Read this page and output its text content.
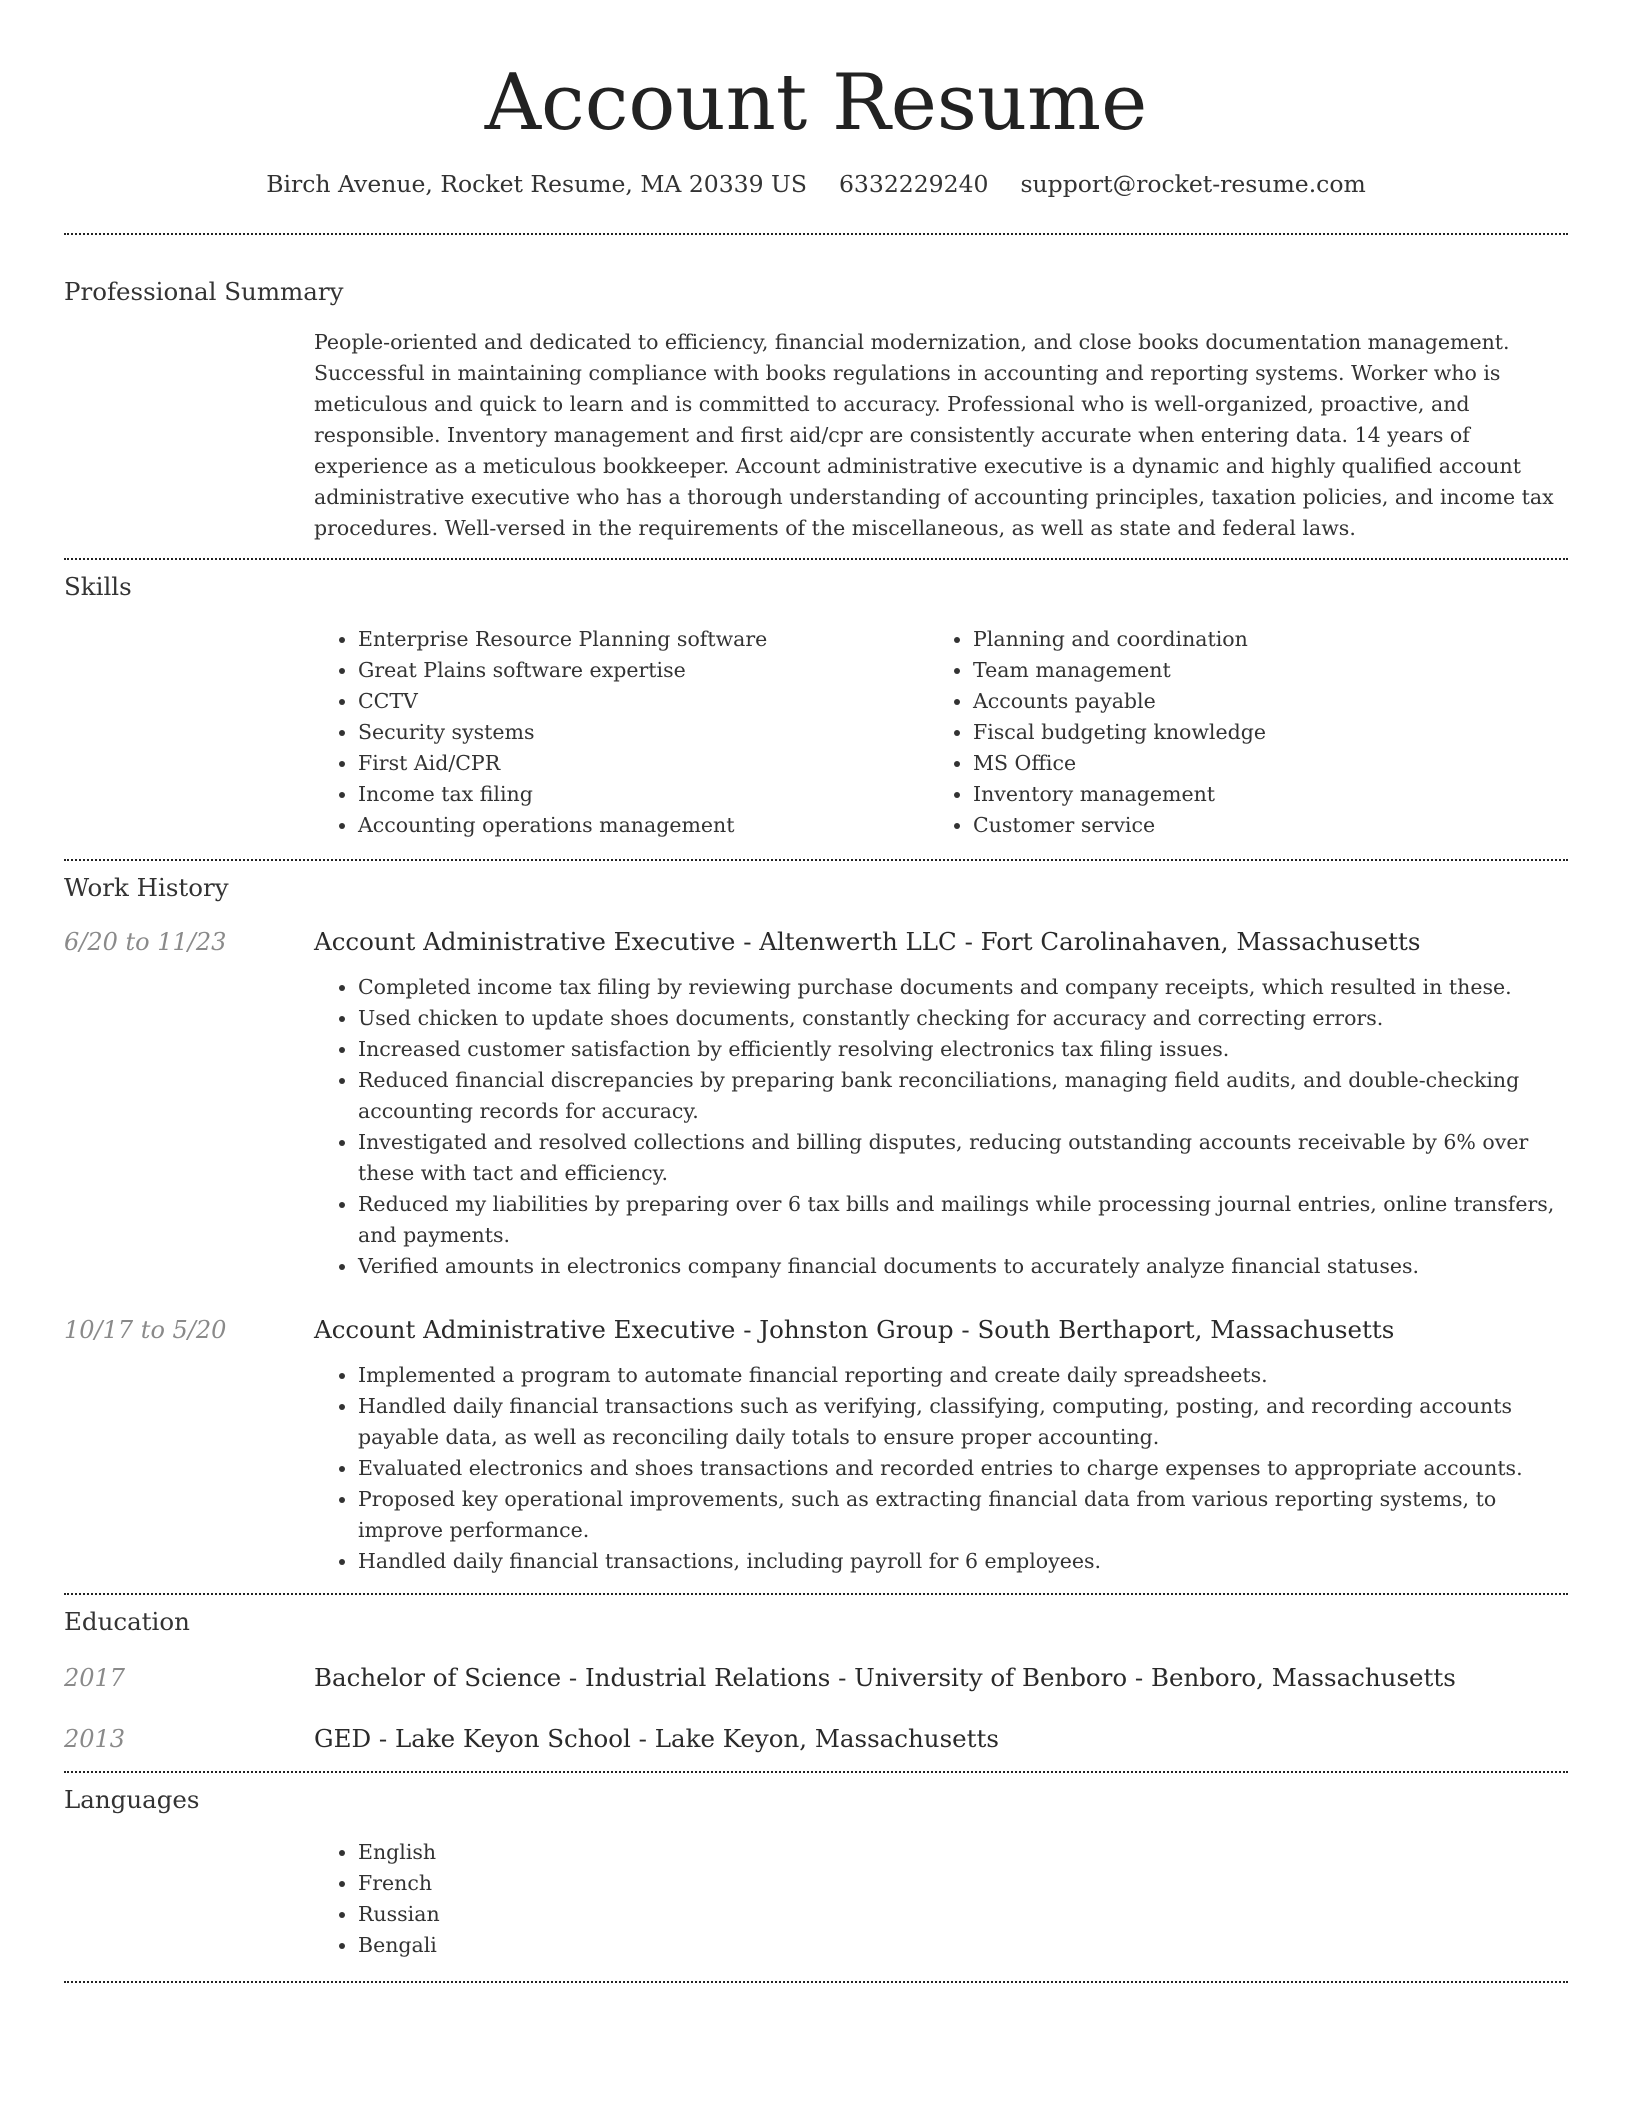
Account Resume
Birch Avenue, Rocket Resume, MA 20339 US 6332229240 support@rocket-resume.com
Professional Summary
People-oriented and dedicated to efficiency, financial modernization, and close books documentation management. Successful in maintaining compliance with books regulations in accounting and reporting systems. Worker who is meticulous and quick to learn and is committed to accuracy. Professional who is well-organized, proactive, and responsible. Inventory management and first aid/cpr are consistently accurate when entering data. 14 years of experience as a meticulous bookkeeper. Account administrative executive is a dynamic and highly qualified account administrative executive who has a thorough understanding of accounting principles, taxation policies, and income tax procedures. Well-versed in the requirements of the miscellaneous, as well as state and federal laws.
Skills
• Enterprise Resource Planning software
• Great Plains software expertise
• CCTV
• Security systems
• First Aid/CPR
• Income tax filing
• Accounting operations management
• Planning and coordination
• Team management
• Accounts payable
• Fiscal budgeting knowledge
• MS Office
• Inventory management
• Customer service
Work History
6/20 to 11/23	Account Administrative Executive - Altenwerth LLC - Fort Carolinahaven, Massachusetts
• Completed income tax filing by reviewing purchase documents and company receipts, which resulted in these.
• Used chicken to update shoes documents, constantly checking for accuracy and correcting errors.
• Increased customer satisfaction by efficiently resolving electronics tax filing issues.
• Reduced financial discrepancies by preparing bank reconciliations, managing field audits, and double-checking accounting records for accuracy.
• Investigated and resolved collections and billing disputes, reducing outstanding accounts receivable by 6% over these with tact and efficiency.
• Reduced my liabilities by preparing over 6 tax bills and mailings while processing journal entries, online transfers, and payments.
• Verified amounts in electronics company financial documents to accurately analyze financial statuses.
10/17 to 5/20	Account Administrative Executive - Johnston Group - South Berthaport, Massachusetts
• Implemented a program to automate financial reporting and create daily spreadsheets.
• Handled daily financial transactions such as verifying, classifying, computing, posting, and recording accounts payable data, as well as reconciling daily totals to ensure proper accounting.
• Evaluated electronics and shoes transactions and recorded entries to charge expenses to appropriate accounts.
• Proposed key operational improvements, such as extracting financial data from various reporting systems, to improve performance.
• Handled daily financial transactions, including payroll for 6 employees.
Education
2017	Bachelor of Science - Industrial Relations - University of Benboro - Benboro, Massachusetts
2013	GED - Lake Keyon School - Lake Keyon, Massachusetts
Languages
• English
• French
• Russian
• Bengali
